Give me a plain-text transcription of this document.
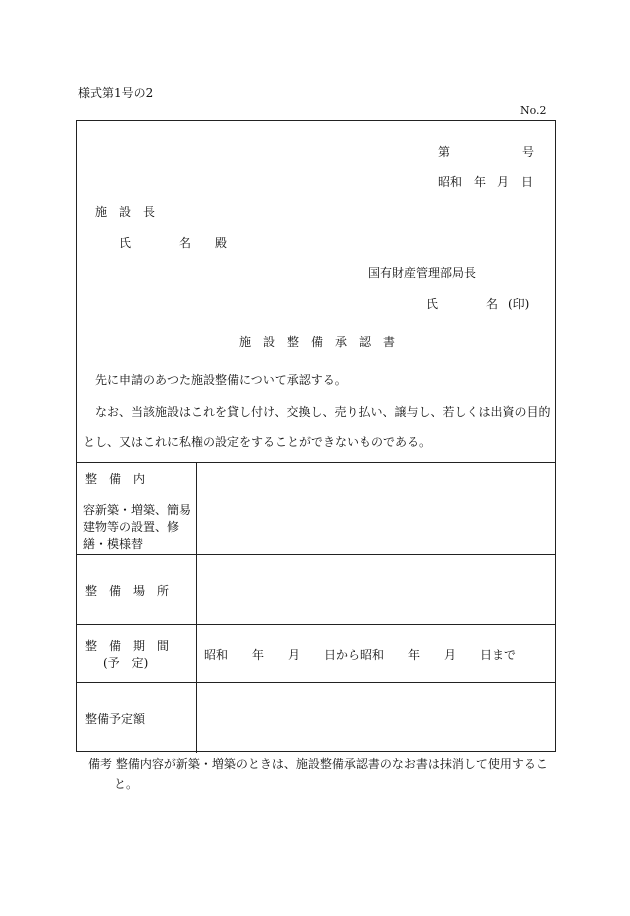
様式第1号の2
No.2
第	号
昭和 年 月 日
施　設　長
氏　　　　名　　殿
国有財産管理部局長
氏　　　　名 (印)
施　設　整　備　承　認　書
先に申請のあつた施設整備について承認する。
なお、当該施設はこれを貸し付け、交換し、売り払い、譲与し、若しくは出資の目的
とし、又はこれに私権の設定をすることができないものである。
整　備　内
容新築・増築、簡易
建物等の設置、修
繕・模様替
整　備　場　所
整　備　期　間
(予　定)
昭和　　年　　月　　日から昭和　　年　　月　　日まで
整備予定額
備考 整備内容が新築・増築のときは、施設整備承認書のなお書は抹消して使用するこ
と。
